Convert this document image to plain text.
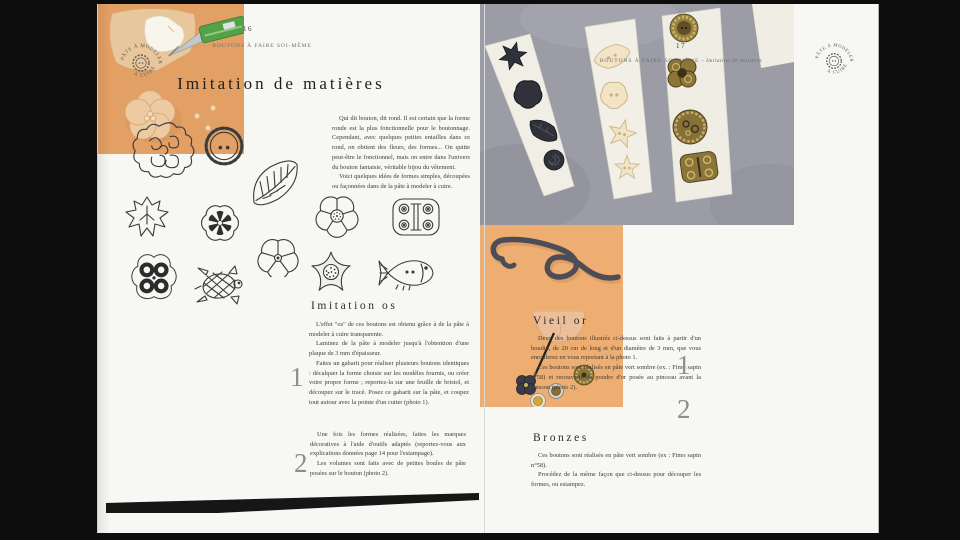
PÂTE À MODELER
À CUIRE
16
BOUTONS À FAIRE SOI-MÊME
Imitation de matières

Qui dit bouton, dit rond. Il est certain que la forme ronde est la plus fonctionnelle pour le boutonnage. Cependant, avec quelques petites entailles dans ce rond, on obtient des fleurs, des formes... On quitte peut-être le fonctionnel, mais on entre dans l'univers du bouton fantaisie, véritable bijou du vêtement.

Voici quelques idées de formes simples, découpées ou façonnées dans de la pâte à modeler à cuire.

Imitation os

L'effet "os" de ces boutons est obtenu grâce à de la pâte à modeler à cuire transparente.

Laminez de la pâte à modeler jusqu'à l'obtention d'une plaque de 3 mm d'épaisseur.

Faites un gabarit pour réaliser plusieurs boutons identiques : décalquer la forme choisie sur les modèles fournis, ou créer votre propre forme ; reportez-la sur une feuille de bristol, et découpez sur le tracé. Posez ce gabarit sur la pâte, et coupez tout autour avec la pointe d'un cutter (photo 1).

1
2

Une fois les formes réalisées, faites les marques décoratives à l'aide d'outils adaptés (reportez-vous aux explications données page 14 pour l'estampage).

Les volumes sont faits avec de petites boules de pâte posées sur le bouton (photo 2).

17
BOUTONS À FAIRE SOI-MÊME – Imitation de matières
PÂTE À MODELER
À CUIRE
Vieil or

Deux des boutons illustrés ci-dessus sont faits à partir d'un boudin, de 20 cm de long et d'un diamètre de 3 mm, que vous enroulerez en vous reportant à la photo 1.

Ces boutons sont réalisés en pâte vert sombre (ex. : Fimo sapin n°58) et recouverts de poudre d'or posée au pinceau avant la cuisson (photo 2).

1
2
Bronzes

Ces boutons sont réalisés en pâte vert sombre (ex : Fimo sapin n°58).

Procédez de la même façon que ci-dessus pour découper les formes, ou estampez.
